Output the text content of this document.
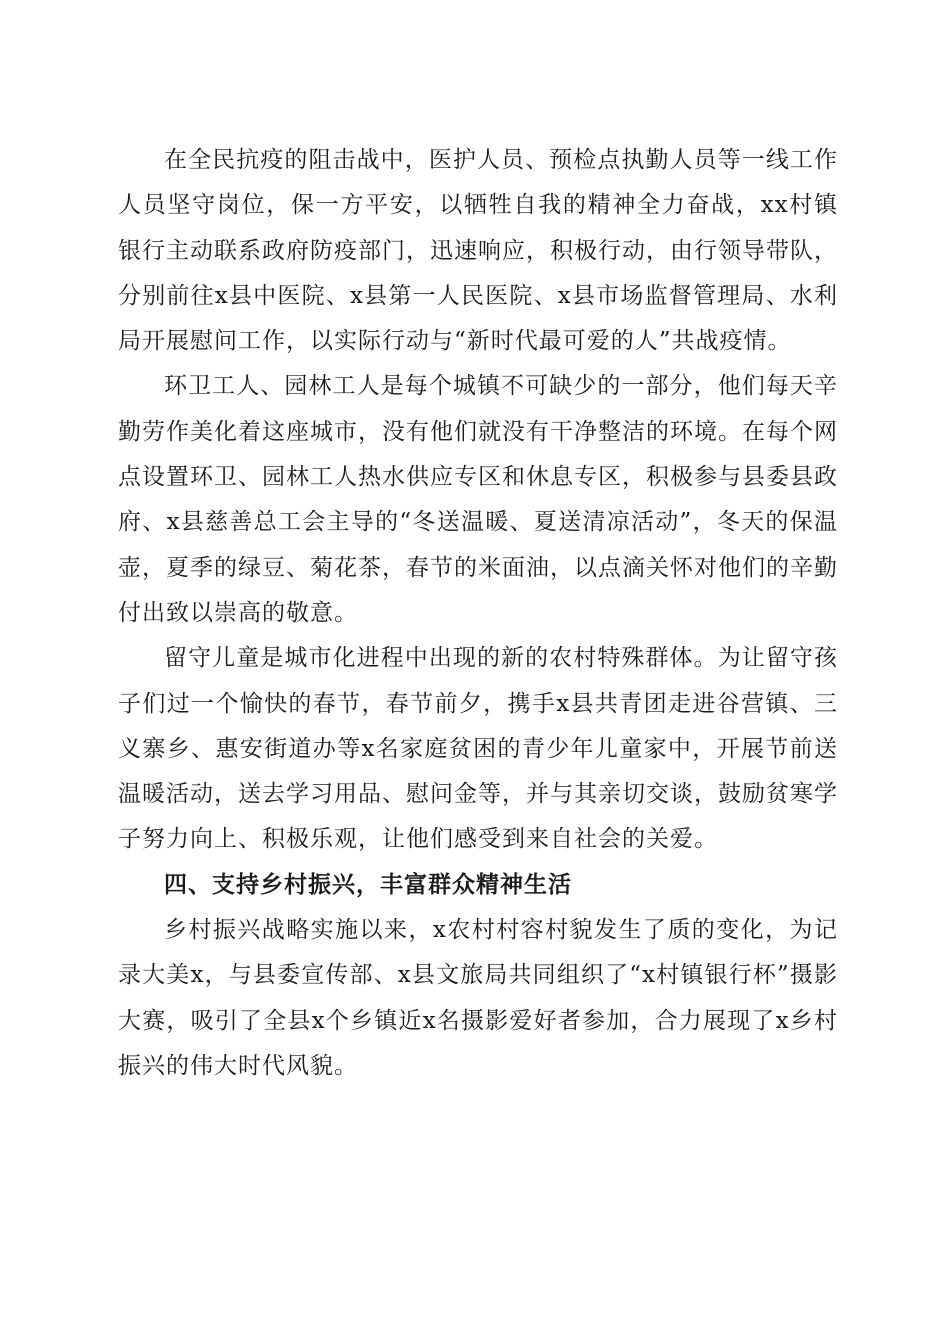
在全民抗疫的阻击战中，医护人员、预检点执勤人员等一线工作人员坚守岗位，保一方平安，以牺牲自我的精神全力奋战，xx村镇银行主动联系政府防疫部门，迅速响应，积极行动，由行领导带队，分别前往x县中医院、x县第一人民医院、x县市场监督管理局、水利局开展慰问工作，以实际行动与“新时代最可爱的人”共战疫情。

环卫工人、园林工人是每个城镇不可缺少的一部分，他们每天辛勤劳作美化着这座城市，没有他们就没有干净整洁的环境。在每个网点设置环卫、园林工人热水供应专区和休息专区，积极参与县委县政府、x县慈善总工会主导的“冬送温暖、夏送清凉活动”，冬天的保温壶，夏季的绿豆、菊花茶，春节的米面油，以点滴关怀对他们的辛勤付出致以崇高的敬意。

留守儿童是城市化进程中出现的新的农村特殊群体。为让留守孩子们过一个愉快的春节，春节前夕，携手x县共青团走进谷营镇、三义寨乡、惠安街道办等x名家庭贫困的青少年儿童家中，开展节前送温暖活动，送去学习用品、慰问金等，并与其亲切交谈，鼓励贫寒学子努力向上、积极乐观，让他们感受到来自社会的关爱。

四、支持乡村振兴，丰富群众精神生活

乡村振兴战略实施以来，x农村村容村貌发生了质的变化，为记录大美x，与县委宣传部、x县文旅局共同组织了“x村镇银行杯”摄影大赛，吸引了全县x个乡镇近x名摄影爱好者参加，合力展现了x乡村振兴的伟大时代风貌。
